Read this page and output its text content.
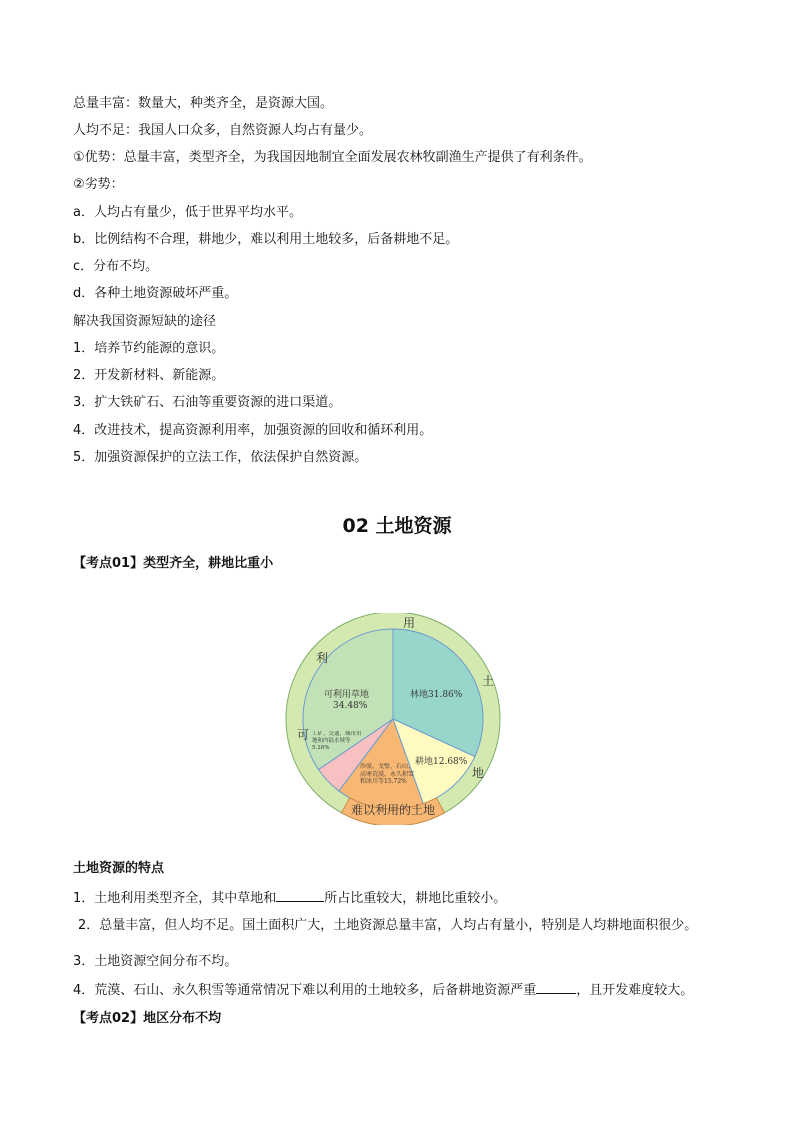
总量丰富：数量大，种类齐全，是资源大国。
人均不足：我国人口众多，自然资源人均占有量少。
①优势：总量丰富，类型齐全，为我国因地制宜全面发展农林牧副渔生产提供了有利条件。
②劣势：
a．人均占有量少，低于世界平均水平。
b．比例结构不合理，耕地少，难以利用土地较多，后备耕地不足。
c．分布不均。
d．各种土地资源破坏严重。
解决我国资源短缺的途径
1．培养节约能源的意识。
2．开发新材料、新能源。
3．扩大铁矿石、石油等重要资源的进口渠道。
4．改进技术，提高资源利用率，加强资源的回收和循环利用。
5．加强资源保护的立法工作，依法保护自然资源。
02 土地资源
【考点01】类型齐全，耕地比重小
难以利用的土地
可
利
用
土
地
林地31.86%
耕地12.68%
可利用草地
34.48%
沙漠、戈壁、石山、高寒荒漠、永久积雪和冰川等15.72%
工矿、交通、城市用地和内陆水域等5.26%
土地资源的特点
1．土地利用类型齐全，其中草地和	所占比重较大，耕地比重较小。
2．总量丰富，但人均不足。国土面积广大，土地资源总量丰富，人均占有量小，特别是人均耕地面积很少。
3．土地资源空间分布不均。
4．荒漠、石山、永久积雪等通常情况下难以利用的土地较多，后备耕地资源严重	，且开发难度较大。
【考点02】地区分布不均
